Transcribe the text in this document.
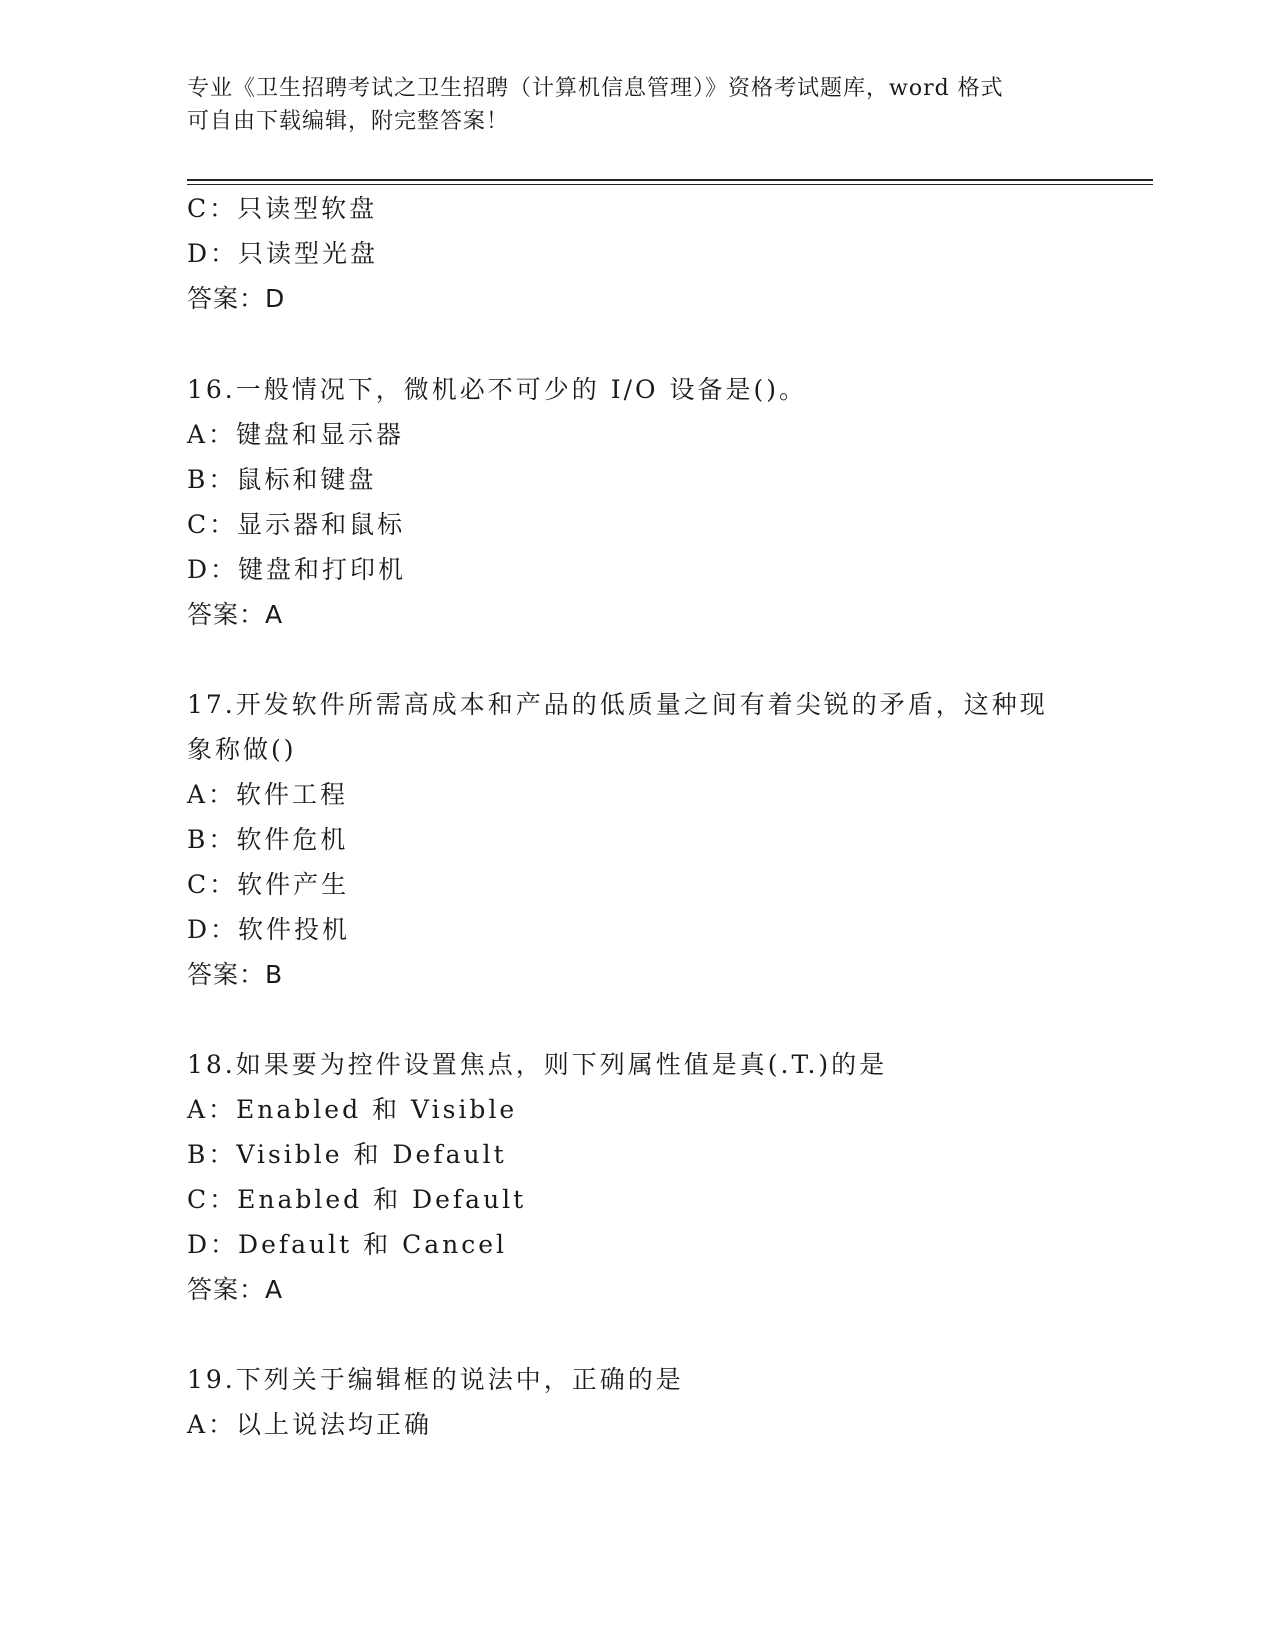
专业《卫生招聘考试之卫生招聘（计算机信息管理）》资格考试题库，word 格式
可自由下载编辑，附完整答案！
C：只读型软盘
D：只读型光盘
答案：D
16.一般情况下，微机必不可少的 I/O 设备是()。
A：键盘和显示器
B：鼠标和键盘
C：显示器和鼠标
D：键盘和打印机
答案：A
17.开发软件所需高成本和产品的低质量之间有着尖锐的矛盾，这种现
象称做()
A：软件工程
B：软件危机
C：软件产生
D：软件投机
答案：B
18.如果要为控件设置焦点，则下列属性值是真(.T.)的是
A：Enabled 和 Visible
B：Visible 和 Default
C：Enabled 和 Default
D：Default 和 Cancel
答案：A
19.下列关于编辑框的说法中，正确的是
A：以上说法均正确
